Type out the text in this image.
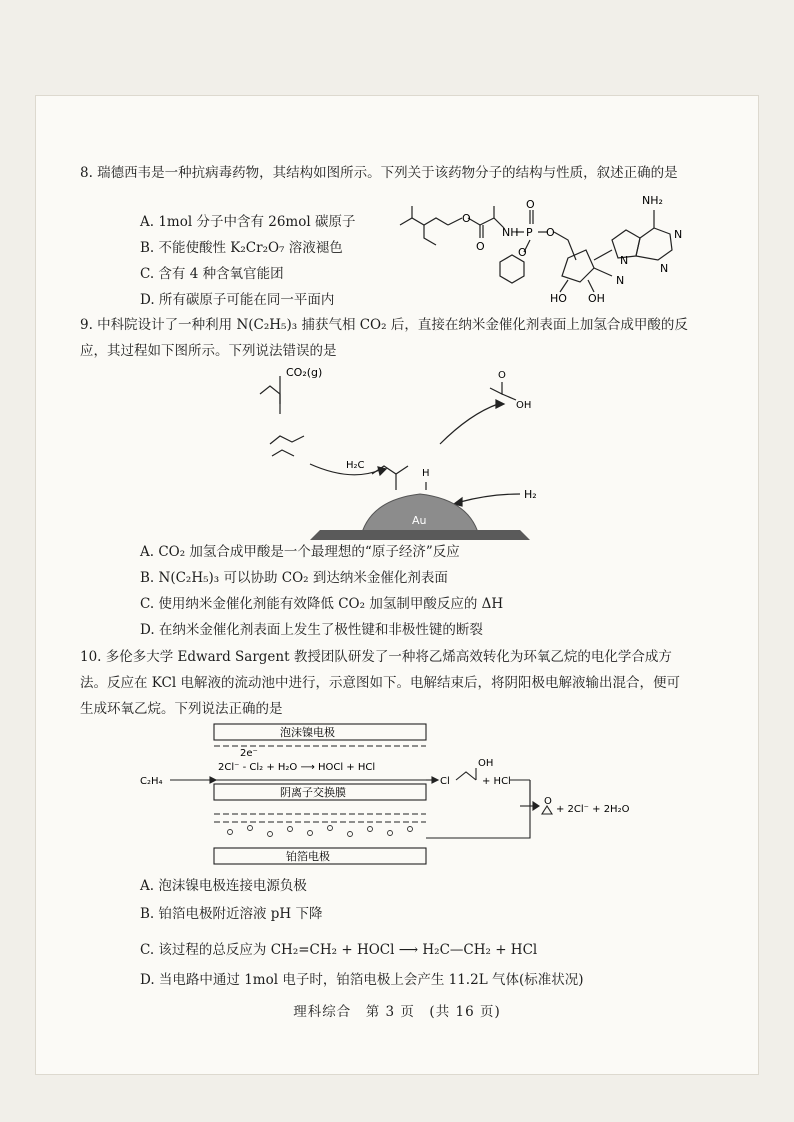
8. 瑞德西韦是一种抗病毒药物，其结构如图所示。下列关于该药物分子的结构与性质，叙述正确的是
A. 1mol 分子中含有 26mol 碳原子
B. 不能使酸性 K₂Cr₂O₇ 溶液褪色
C. 含有 4 种含氧官能团
D. 所有碳原子可能在同一平面内
NH₂
O
O
NH P
O
O
O
HO OH
N
N
N
N
9. 中科院设计了一种利用 N(C₂H₅)₃ 捕获气相 CO₂ 后，直接在纳米金催化剂表面上加氢合成甲酸的反应，其过程如下图所示。下列说法错误的是
CO₂(g)
H₂
Au
H₂C
H
OH
O
A. CO₂ 加氢合成甲酸是一个最理想的“原子经济”反应
B. N(C₂H₅)₃ 可以协助 CO₂ 到达纳米金催化剂表面
C. 使用纳米金催化剂能有效降低 CO₂ 加氢制甲酸反应的 ΔH
D. 在纳米金催化剂表面上发生了极性键和非极性键的断裂
10. 多伦多大学 Edward Sargent 教授团队研发了一种将乙烯高效转化为环氧乙烷的电化学合成方法。反应在 KCl 电解液的流动池中进行，示意图如下。电解结束后，将阴阳极电解液输出混合，便可生成环氧乙烷。下列说法正确的是
泡沫镍电极
阴离子交换膜
铂箔电极
C₂H₄
2e⁻
2Cl⁻ - Cl₂ + H₂O ⟶ HOCl + HCl
Cl
OH
+ HCl
O
+ 2Cl⁻ + 2H₂O
A. 泡沫镍电极连接电源负极
B. 铂箔电极附近溶液 pH 下降
C. 该过程的总反应为 CH₂=CH₂ + HOCl ⟶ H₂C—CH₂ + HCl
D. 当电路中通过 1mol 电子时，铂箔电极上会产生 11.2L 气体(标准状况)
理科综合　第 3 页　(共 16 页)
